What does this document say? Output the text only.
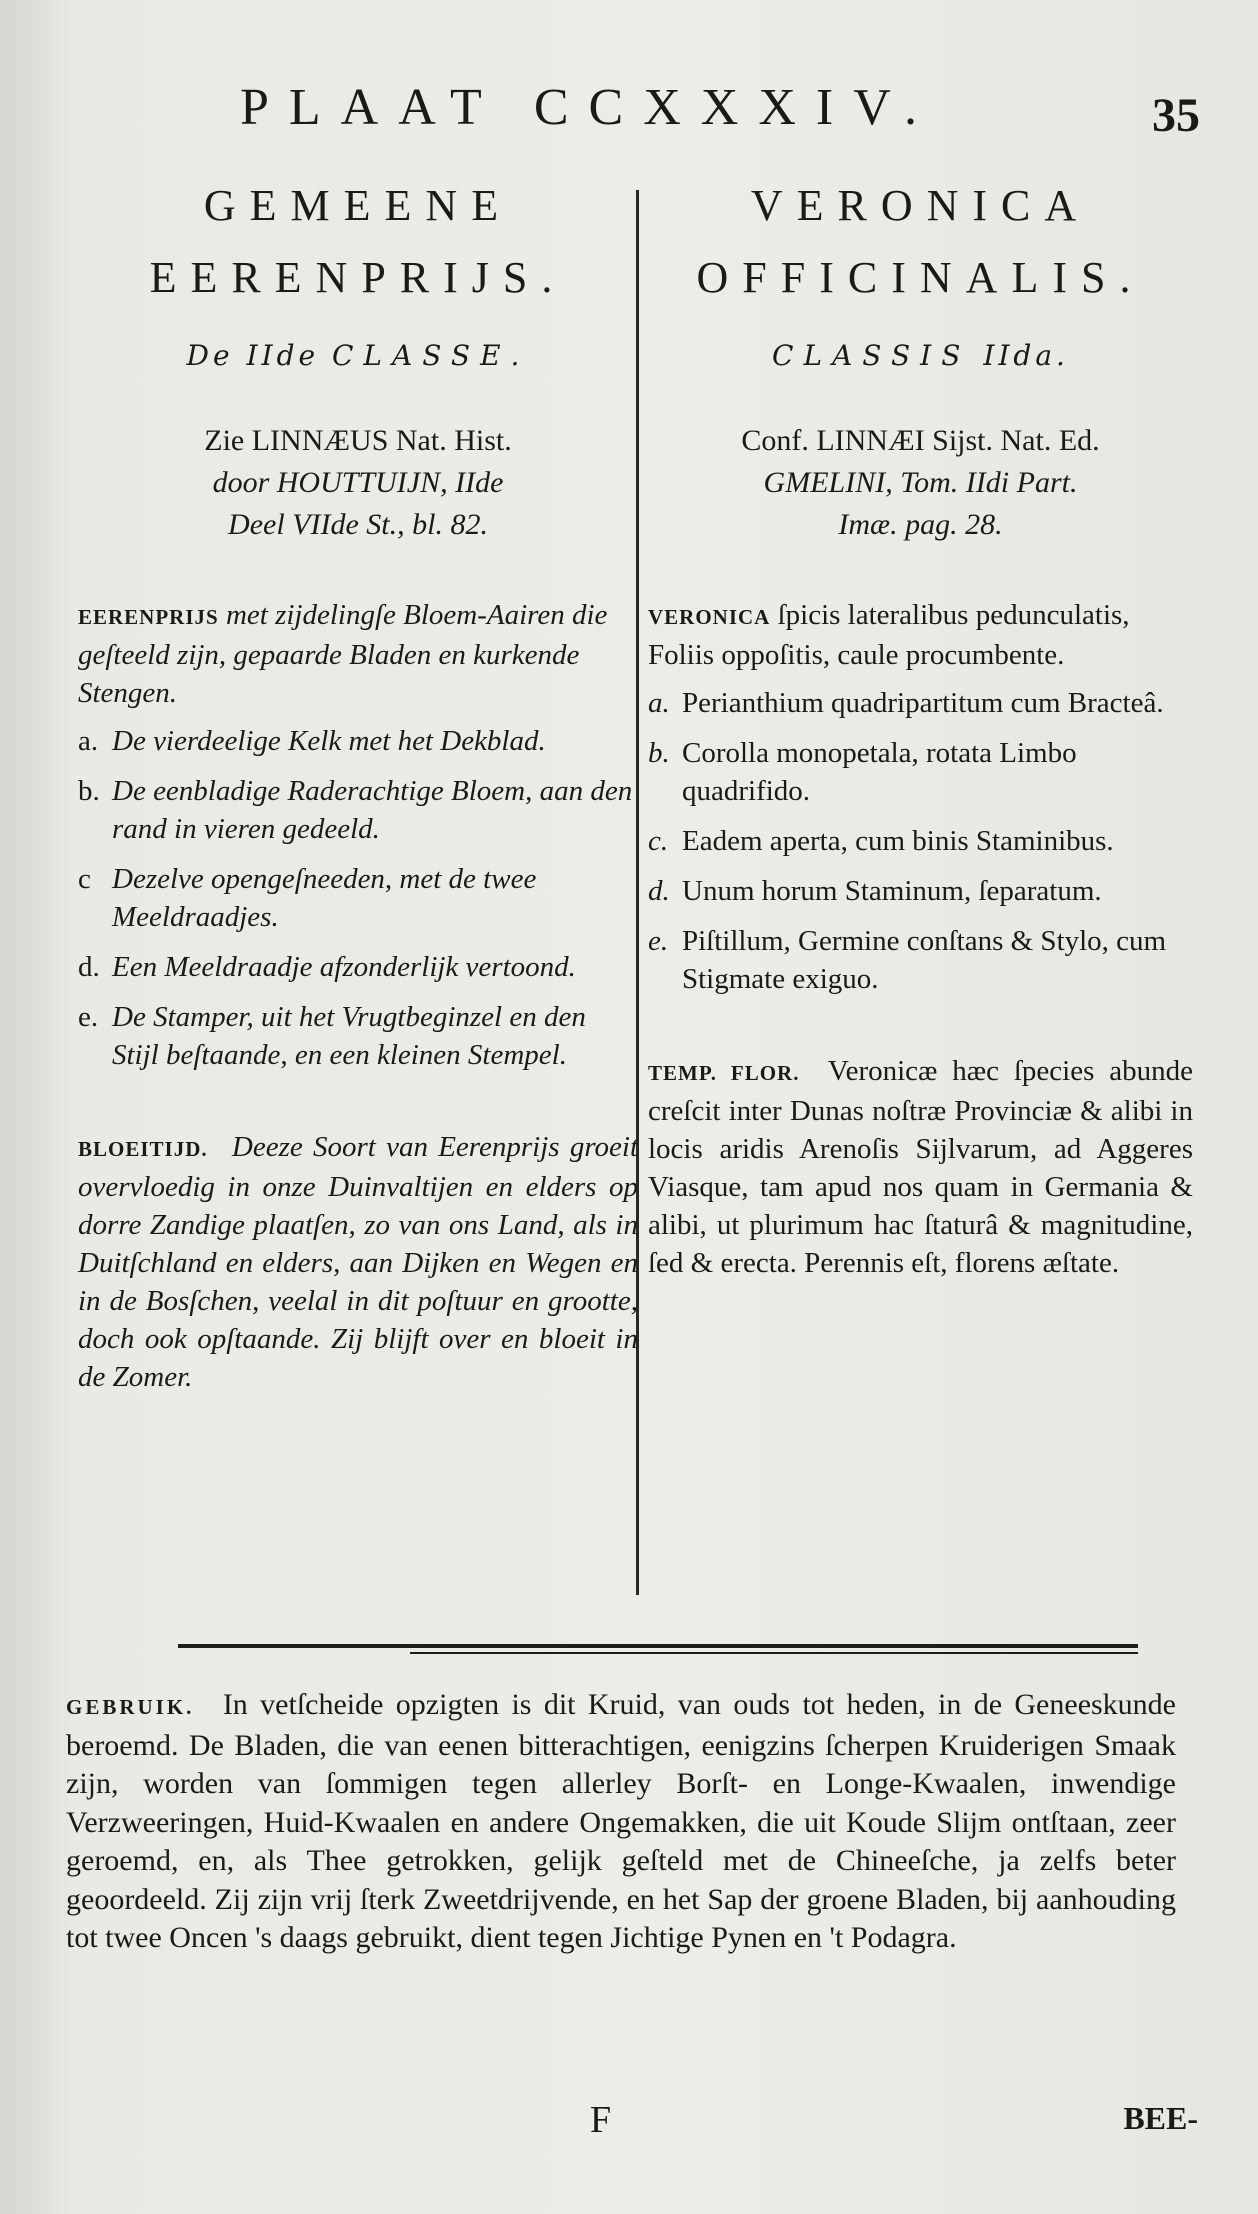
PLAAT CCXXXIV.	35
GEMEENE
EERENPRIJS.
De IIde CLASSE.
Zie LINNÆUS Nat. Hist.
door HOUTTUIJN, IIde
Deel VIIde St., bl. 82.
EERENPRIJS met zijdelingſe Bloem-Aairen die geſteeld zijn, gepaarde Bladen en kurkende Stengen.
a. De vierdeelige Kelk met het Dekblad.
b. De eenbladige Raderachtige Bloem, aan den rand in vieren gedeeld.
c Dezelve opengeſneeden, met de twee Meeldraadjes.
d. Een Meeldraadje afzonderlijk vertoond.
e. De Stamper, uit het Vrugtbeginzel en den Stijl beſtaande, en een kleinen Stempel.
BLOEITIJD. Deeze Soort van Eerenprijs groeit overvloedig in onze Duinvaltijen en elders op dorre Zandige plaatſen, zo van ons Land, als in Duitſchland en elders, aan Dijken en Wegen en in de Bosſchen, veelal in dit poſtuur en grootte, doch ook opſtaande. Zij blijft over en bloeit in de Zomer.
VERONICA
OFFICINALIS.
CLASSIS IIda.
Conf. LINNÆI Sijst. Nat. Ed.
GMELINI, Tom. IIdi Part.
Imæ. pag. 28.
VERONICA ſpicis lateralibus pedunculatis, Foliis oppoſitis, caule procumbente.
a. Perianthium quadripartitum cum Bracteâ.
b. Corolla monopetala, rotata Limbo quadrifido.
c. Eadem aperta, cum binis Staminibus.
d. Unum horum Staminum, ſeparatum.
e. Piſtillum, Germine conſtans & Stylo, cum Stigmate exiguo.
TEMP. FLOR. Veronicæ hæc ſpecies abunde creſcit inter Dunas noſtræ Provinciæ & alibi in locis aridis Arenoſis Sijlvarum, ad Aggeres Viasque, tam apud nos quam in Germania & alibi, ut plurimum hac ſtaturâ & magnitudine, ſed & erecta. Perennis eſt, florens æſtate.
GEBRUIK. In vetſcheide opzigten is dit Kruid, van ouds tot heden, in de Geneeskunde beroemd. De Bladen, die van eenen bitterachtigen, eenigzins ſcherpen Kruiderigen Smaak zijn, worden van ſommigen tegen allerley Borſt- en Longe-Kwaalen, inwendige Verzweeringen, Huid-Kwaalen en andere Ongemakken, die uit Koude Slijm ontſtaan, zeer geroemd, en, als Thee getrokken, gelijk geſteld met de Chineeſche, ja zelfs beter geoordeeld. Zij zijn vrij ſterk Zweetdrijvende, en het Sap der groene Bladen, bij aanhouding tot twee Oncen 's daags gebruikt, dient tegen Jichtige Pynen en 't Podagra.
F	BEE-
